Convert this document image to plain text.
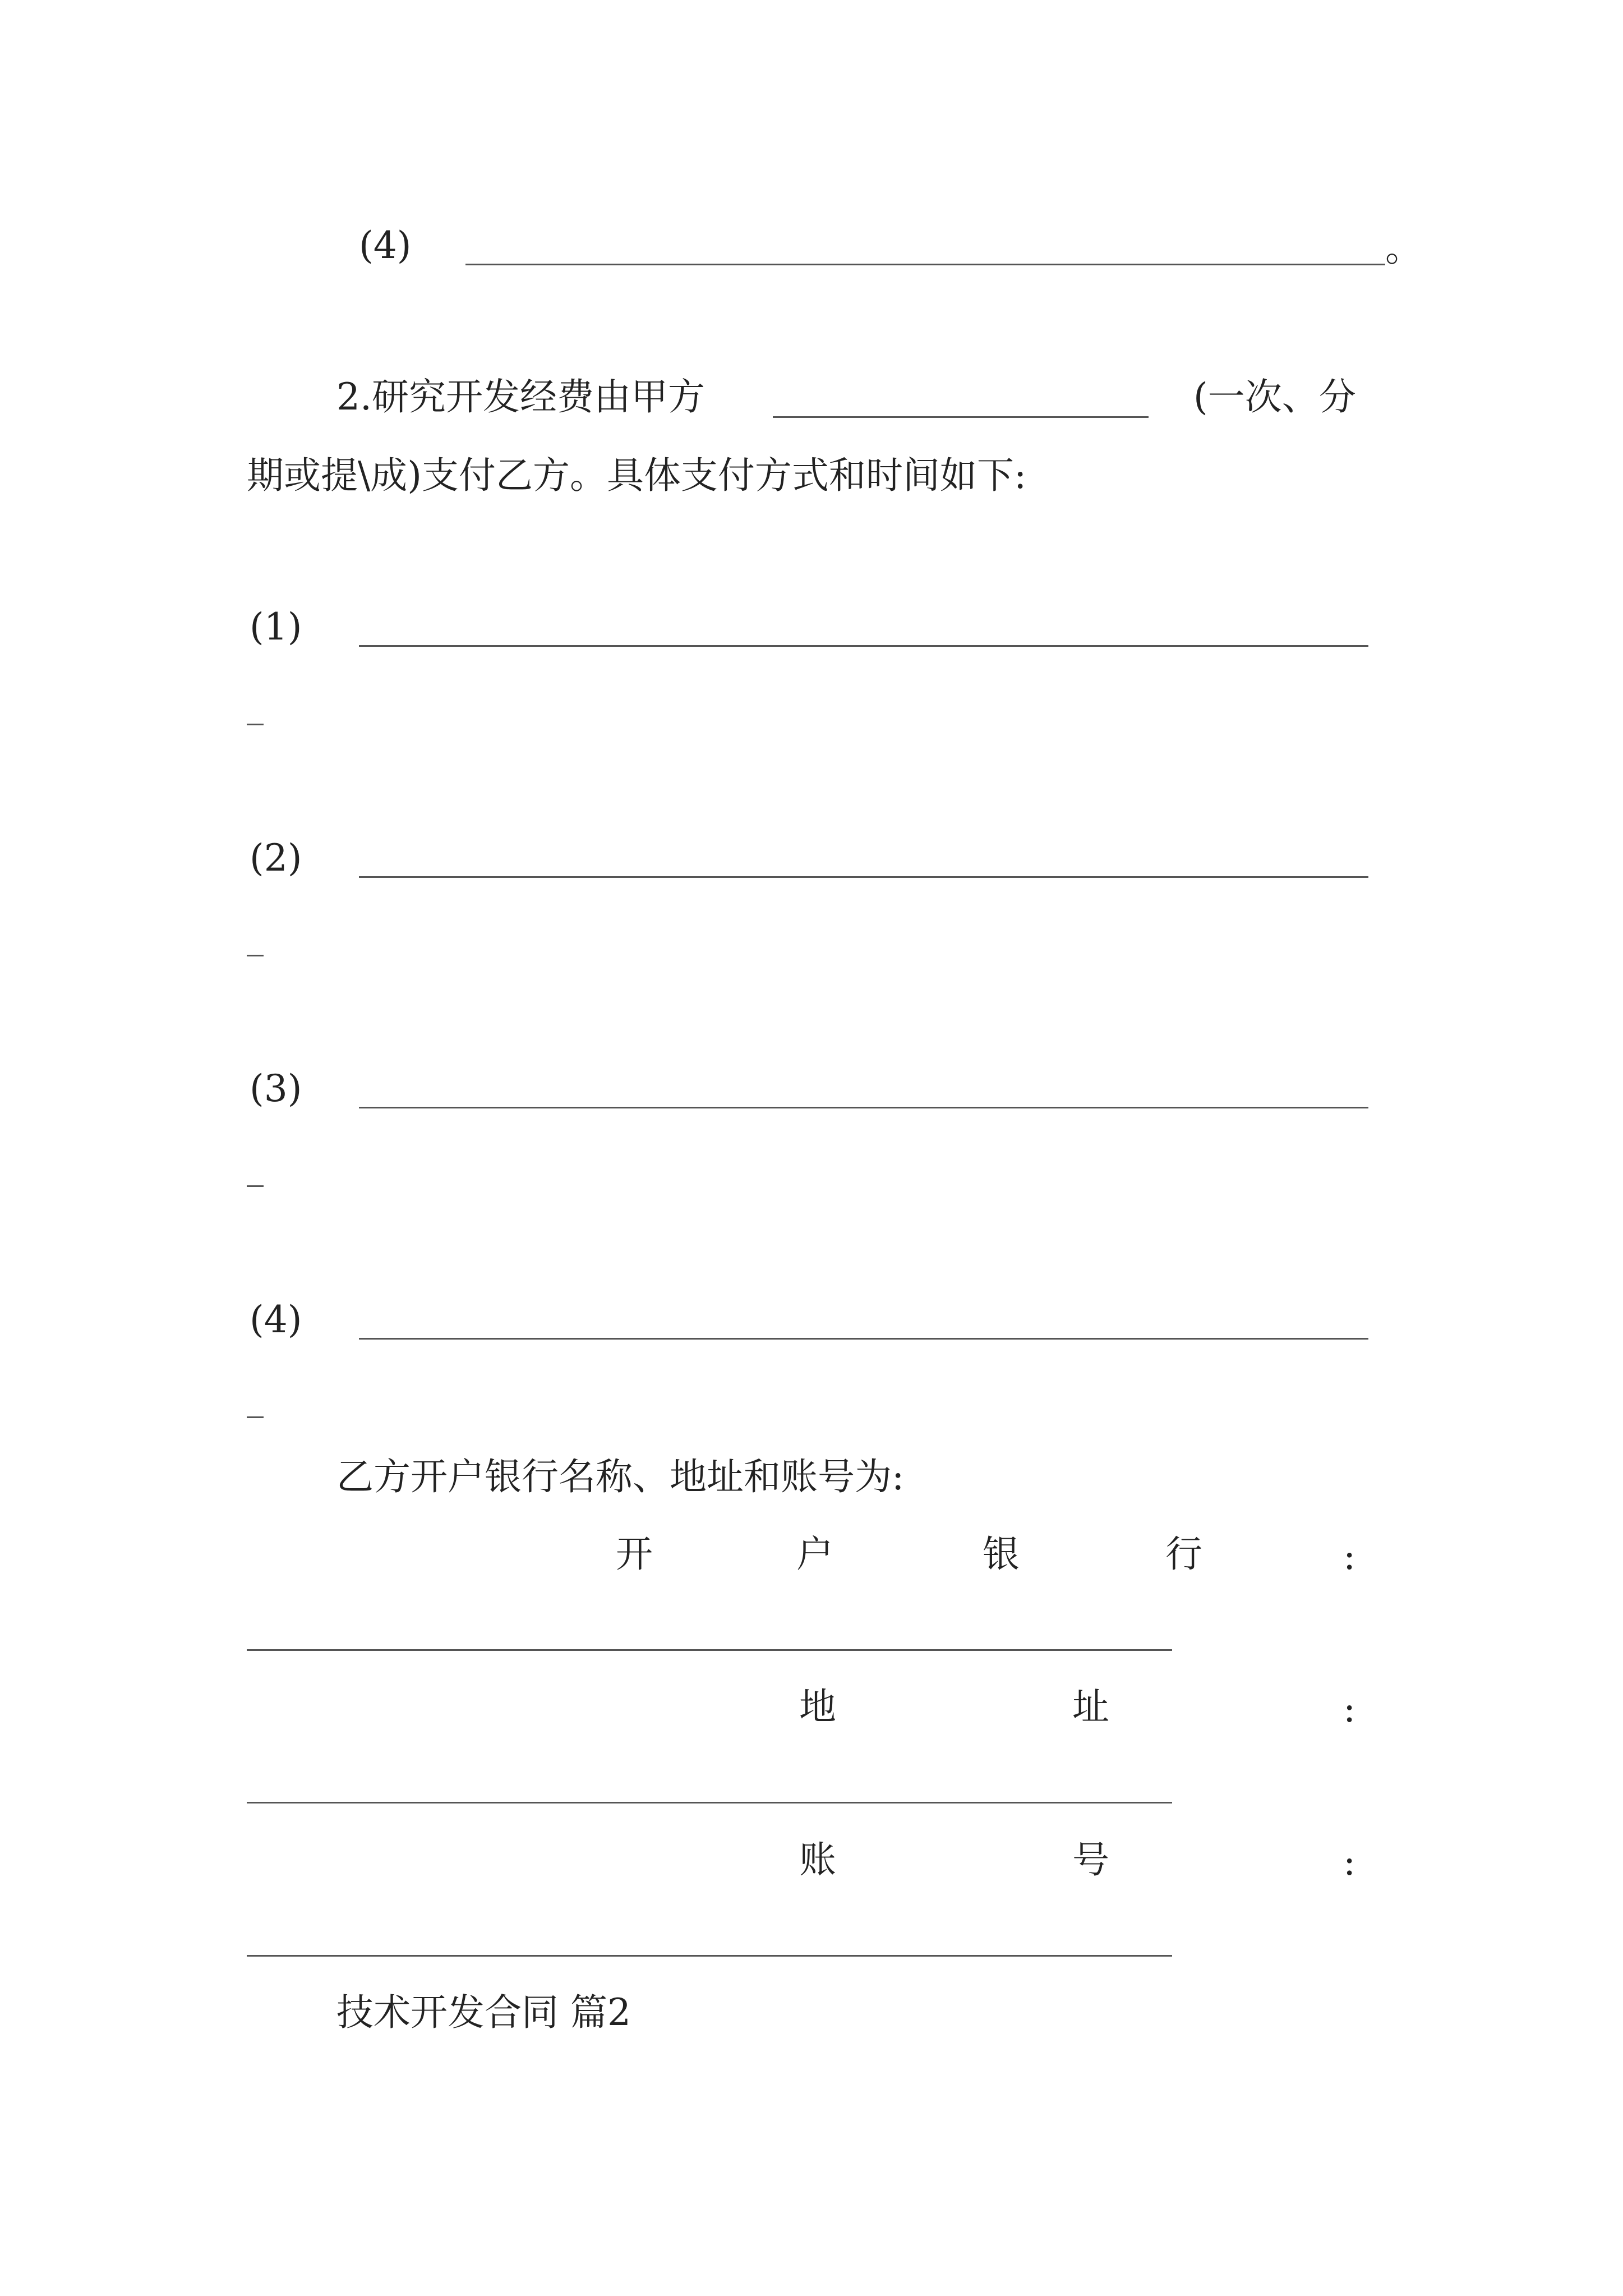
(4)	。
2.研究开发经费由甲方	(一次、分
期或提\成)支付乙方。具体支付方式和时间如下:
(1)
(2)
(3)
(4)
乙方开户银行名称、地址和账号为:
开	户	银	行	:
地	址	:
账	号	:
技术开发合同 篇2
